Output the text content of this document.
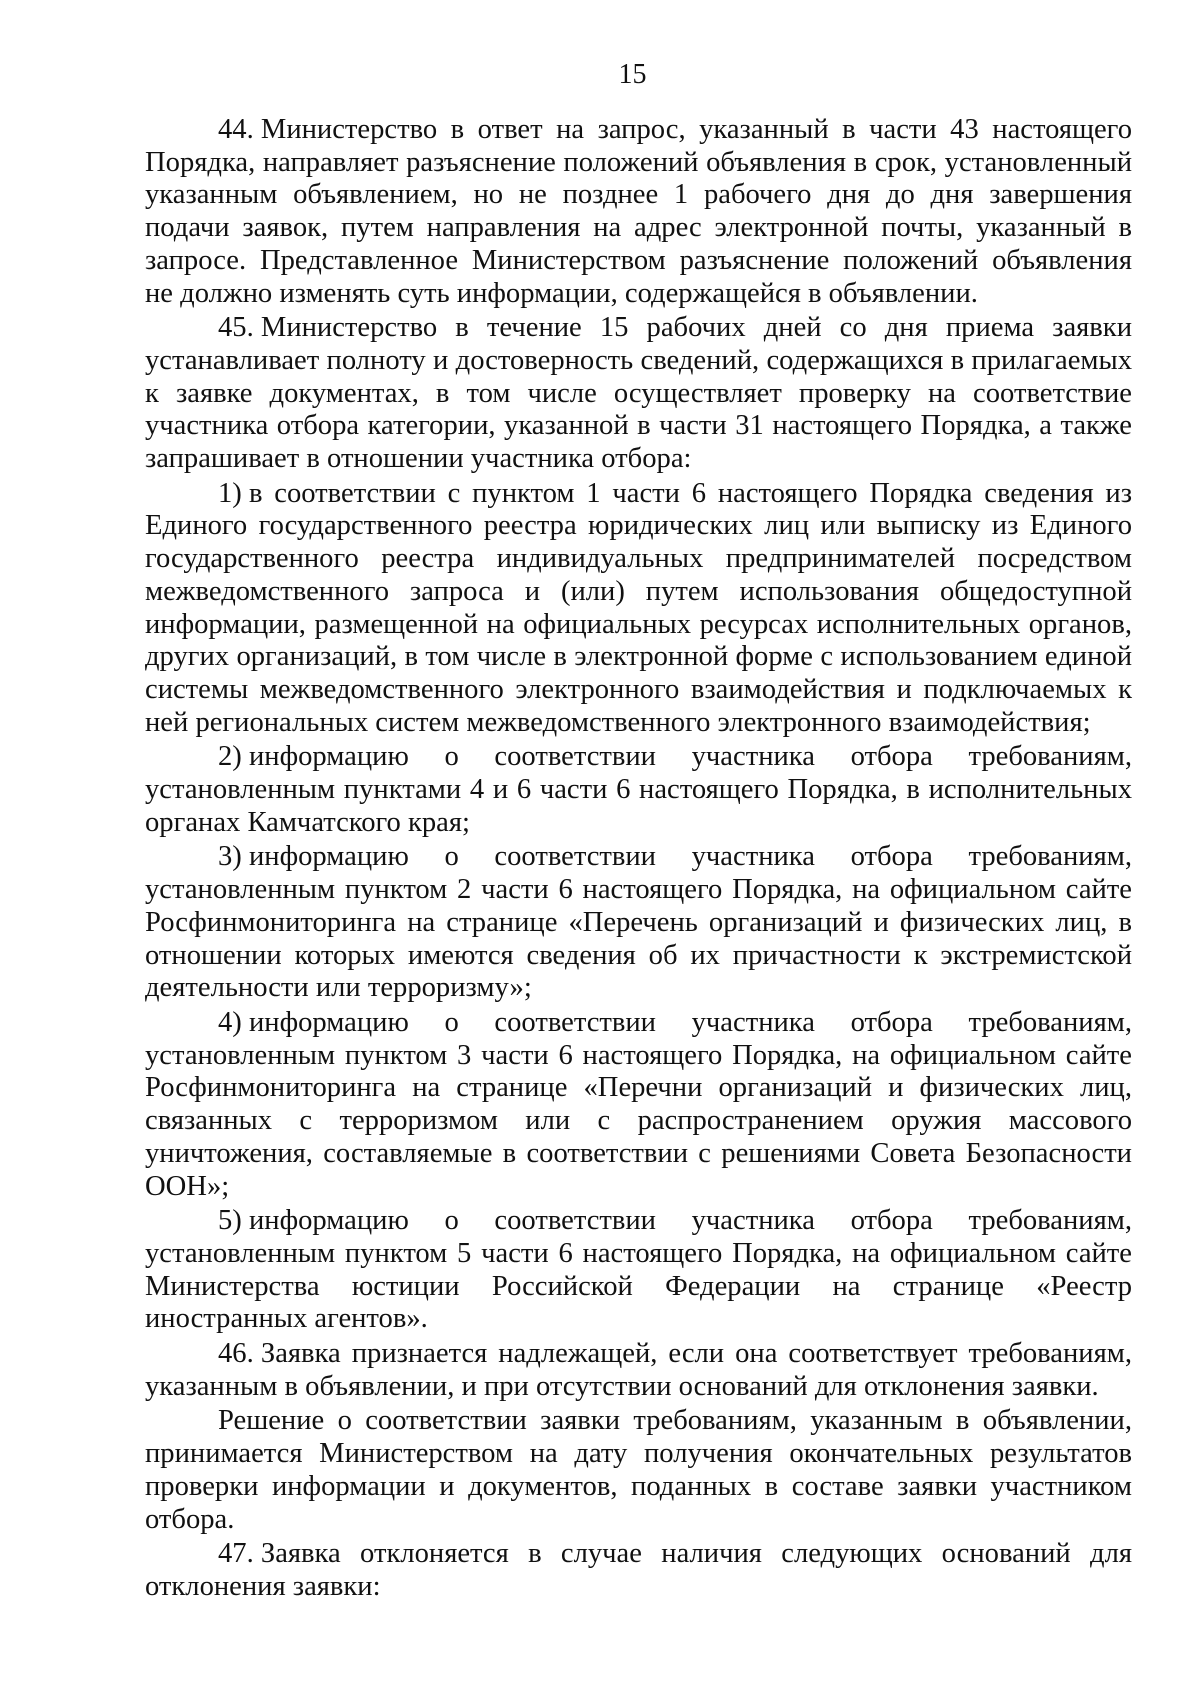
15

44. Министерство в ответ на запрос, указанный в части 43 настоящего Порядка, направляет разъяснение положений объявления в срок, установленный указанным объявлением, но не позднее 1 рабочего дня до дня завершения подачи заявок, путем направления на адрес электронной почты, указанный в запросе. Представленное Министерством разъяснение положений объявления не должно изменять суть информации, содержащейся в объявлении.

45. Министерство в течение 15 рабочих дней со дня приема заявки устанавливает полноту и достоверность сведений, содержащихся в прилагаемых к заявке документах, в том числе осуществляет проверку на соответствие участника отбора категории, указанной в части 31 настоящего Порядка, а также запрашивает в отношении участника отбора:

1) в соответствии с пунктом 1 части 6 настоящего Порядка сведения из Единого государственного реестра юридических лиц или выписку из Единого государственного реестра индивидуальных предпринимателей посредством межведомственного запроса и (или) путем использования общедоступной информации, размещенной на официальных ресурсах исполнительных органов, других организаций, в том числе в электронной форме с использованием единой системы межведомственного электронного взаимодействия и подключаемых к ней региональных систем межведомственного электронного взаимодействия;

2) информацию о соответствии участника отбора требованиям, установленным пунктами 4 и 6 части 6 настоящего Порядка, в исполнительных органах Камчатского края;

3) информацию о соответствии участника отбора требованиям, установленным пунктом 2 части 6 настоящего Порядка, на официальном сайте Росфинмониторинга на странице «Перечень организаций и физических лиц, в отношении которых имеются сведения об их причастности к экстремистской деятельности или терроризму»;

4) информацию о соответствии участника отбора требованиям, установленным пунктом 3 части 6 настоящего Порядка, на официальном сайте Росфинмониторинга на странице «Перечни организаций и физических лиц, связанных с терроризмом или с распространением оружия массового уничтожения, составляемые в соответствии с решениями Совета Безопасности ООН»;

5) информацию о соответствии участника отбора требованиям, установленным пунктом 5 части 6 настоящего Порядка, на официальном сайте Министерства юстиции Российской Федерации на странице «Реестр иностранных агентов».

46. Заявка признается надлежащей, если она соответствует требованиям, указанным в объявлении, и при отсутствии оснований для отклонения заявки.

Решение о соответствии заявки требованиям, указанным в объявлении, принимается Министерством на дату получения окончательных результатов проверки информации и документов, поданных в составе заявки участником отбора.

47. Заявка отклоняется в случае наличия следующих оснований для отклонения заявки:
